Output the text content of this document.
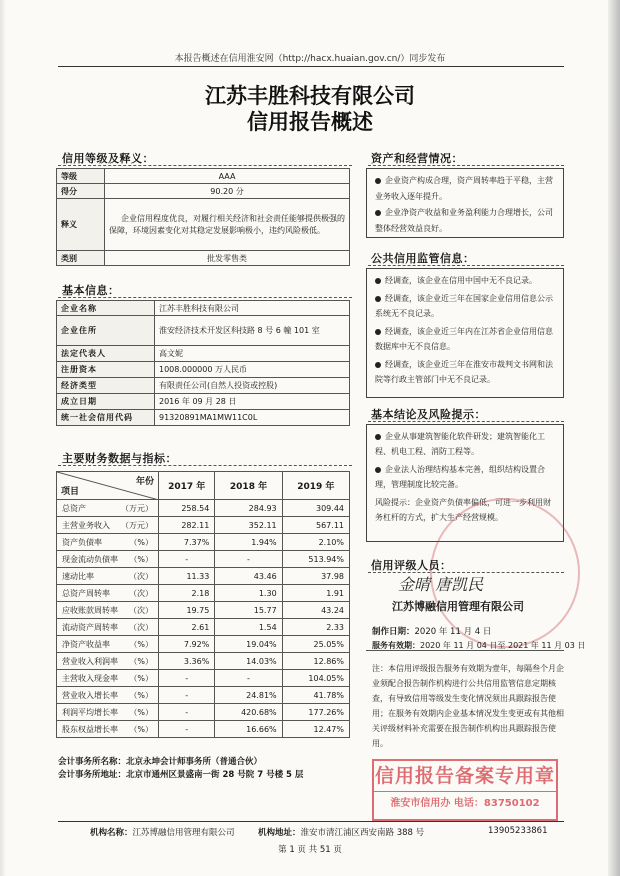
本报告概述在信用淮安网（http://hacx.huaian.gov.cn/）同步发布
江苏丰胜科技有限公司
信用报告概述
信用等级及释义：
等级	AAA
得分	90.20 分
释义	企业信用程度优良，对履行相关经济和社会责任能够提供极强的保障，环境因素变化对其稳定发展影响极小，违约风险极低。
类别	批发零售类
基本信息：
企业名称	江苏丰胜科技有限公司
企业住所	淮安经济技术开发区科技路 8 号 6 幢 101 室
法定代表人	高文妮
注册资本	1008.000000 万人民币
经济类型	有限责任公司(自然人投资或控股)
成立日期	2016 年 09 月 28 日
统一社会信用代码	91320891MA1MW11C0L
主要财务数据与指标：
年份
项目	2017 年	2018 年	2019 年
总资产 （万元）	258.54	284.93	309.44
主营业务收入 （万元）	282.11	352.11	567.11
资产负债率 （%）	7.37%	1.94%	2.10%
现金流动负债率 （%）	-	-	513.94%
速动比率 （次）	11.33	43.46	37.98
总资产周转率 （次）	2.18	1.30	1.91
应收账款周转率 （次）	19.75	15.77	43.24
流动资产周转率 （次）	2.61	1.54	2.33
净资产收益率 （%）	7.92%	19.04%	25.05%
营业收入利润率 （%）	3.36%	14.03%	12.86%
主营收入现金率 （%）	-	-	104.05%
营业收入增长率 （%）	-	24.81%	41.78%
利润平均增长率 （%）	-	420.68%	177.26%
股东权益增长率 （%）	-	16.66%	12.47%
会计事务所名称：北京永坤会计师事务所（普通合伙）
会计事务所地址：北京市通州区景盛南一街 28 号院 7 号楼 5 层
资产和经营情况：
企业资产构成合理，资产周转率趋于平稳，主营业务收入逐年提升。
企业净资产收益和业务盈利能力合理增长，公司整体经营效益良好。
公共信用监管信息：
经调查，该企业在信用中国中无不良记录。
经调查，该企业近三年在国家企业信用信息公示系统无不良记录。
经调查，该企业近三年内在江苏省企业信用信息数据库中无不良信息。
经调查，该企业近三年在淮安市裁判文书网和法院等行政主管部门中无不良记录。
基本结论及风险提示：
企业从事建筑智能化软件研发；建筑智能化工程、机电工程、消防工程等。
企业法人治理结构基本完善，组织结构设置合理，管理制度比较完备。
风险提示：企业资产负债率偏低，可进一步利用财务杠杆的方式，扩大生产经营规模。
信用评级人员：
金晴 唐凯民
江苏博融信用管理有限公司
制作日期：2020 年 11 月 4 日
服务有效期：2020 年 11 月 04 日至 2021 年 11 月 03 日
注：本信用评级报告服务有效期为壹年，每隔叁个月企业须配合报告制作机构进行公共信用监管信息定期核查，有导致信用等级发生变化情况须出具跟踪报告使用；在服务有效期内企业基本情况发生变更或有其他相关评级材料补充需要在报告制作机构出具跟踪报告使用。
信用报告备案专用章
淮安市信用办 电话：83750102
机构名称：江苏博融信用管理有限公司	机构地址：淮安市清江浦区西安南路 388 号	13905233861
第 1 页 共 51 页
